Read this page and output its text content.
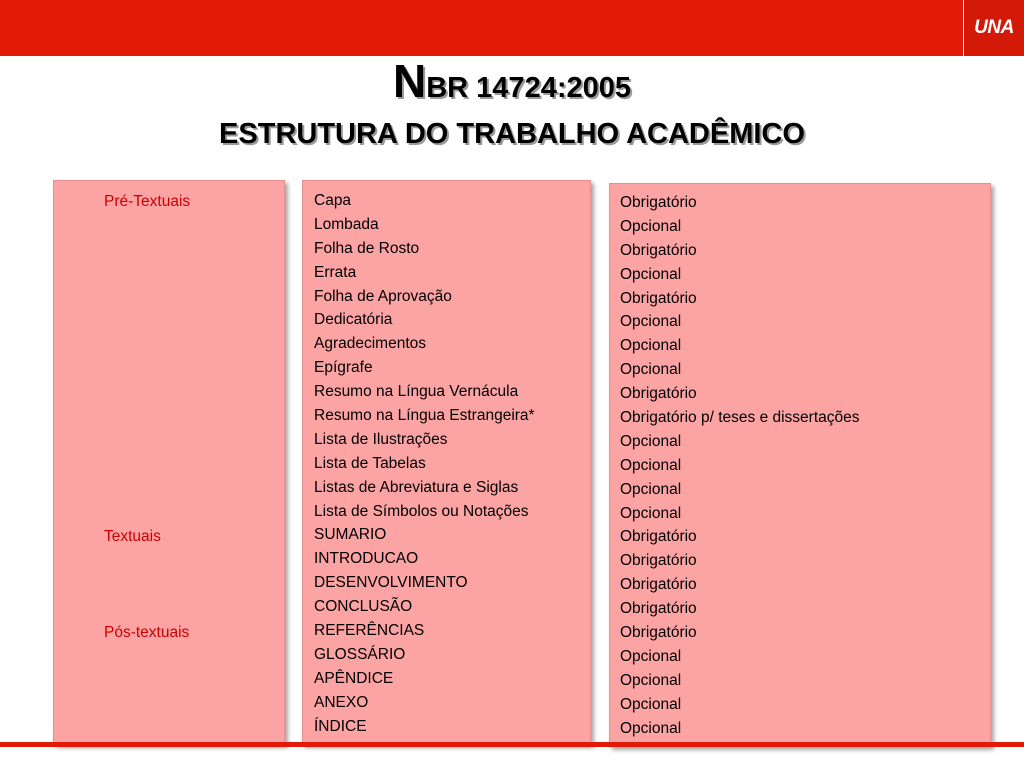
UNA
NBR 14724:2005
ESTRUTURA DO TRABALHO ACADÊMICO
Pré-Textuais
Textuais
Pós-textuais
Capa
Lombada
Folha de Rosto
Errata
Folha de Aprovação
Dedicatória
Agradecimentos
Epígrafe
Resumo na Língua Vernácula
Resumo na Língua Estrangeira*
Lista de Ilustrações
Lista de Tabelas
Listas de Abreviatura e Siglas
Lista de Símbolos ou Notações
SUMARIO
INTRODUCAO
DESENVOLVIMENTO
CONCLUSÃO
REFERÊNCIAS
GLOSSÁRIO
APÊNDICE
ANEXO
ÍNDICE
Obrigatório
Opcional
Obrigatório
Opcional
Obrigatório
Opcional
Opcional
Opcional
Obrigatório
Obrigatório p/ teses e dissertações
Opcional
Opcional
Opcional
Opcional
Obrigatório
Obrigatório
Obrigatório
Obrigatório
Obrigatório
Opcional
Opcional
Opcional
Opcional
